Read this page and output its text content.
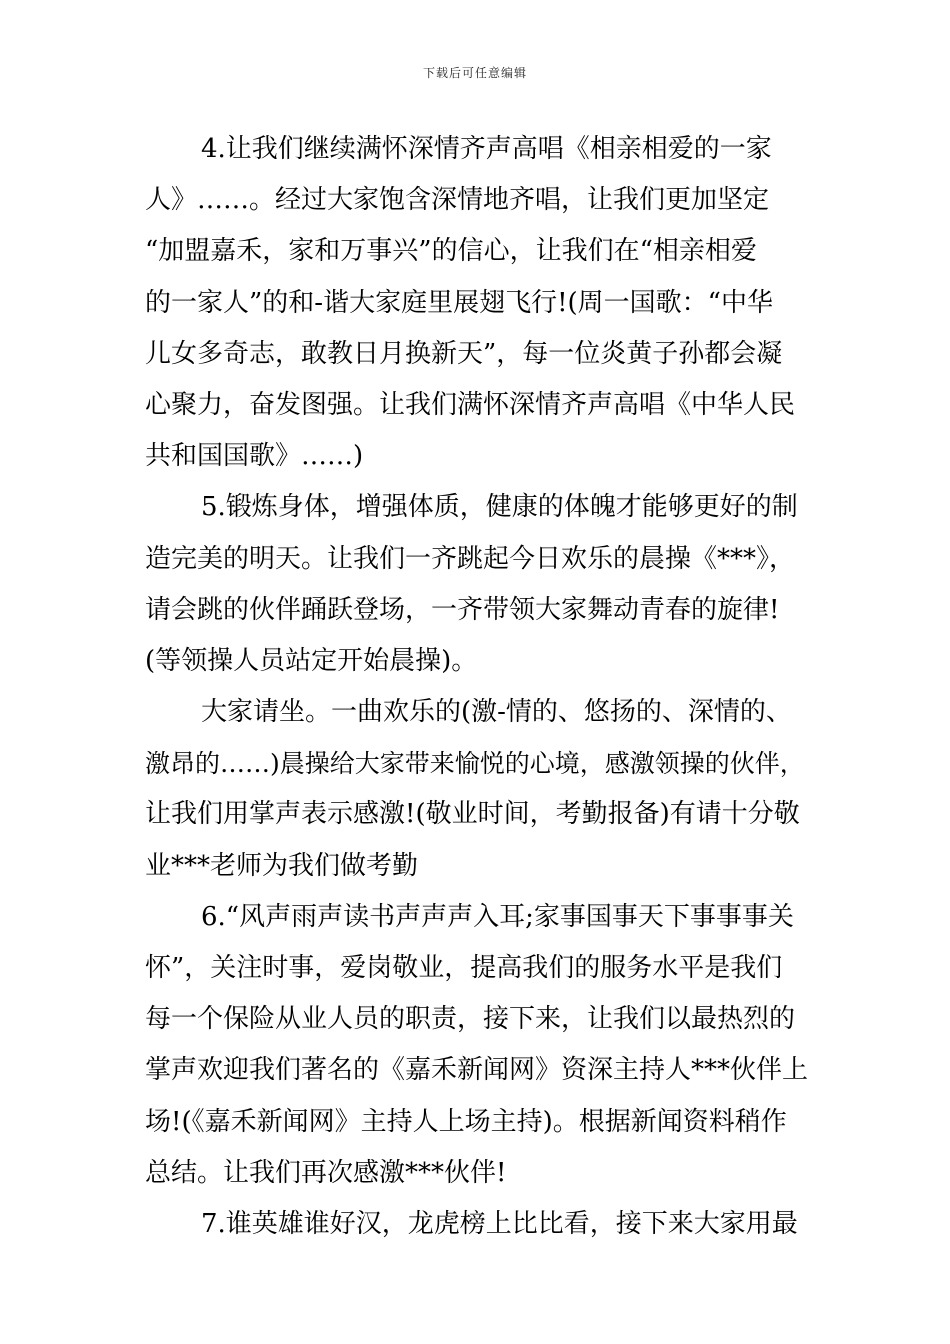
下载后可任意编辑
4.让我们继续满怀深情齐声高唱《相亲相爱的一家
人》……。经过大家饱含深情地齐唱，让我们更加坚定
“加盟嘉禾，家和万事兴”的信心，让我们在“相亲相爱
的一家人”的和-谐大家庭里展翅飞行!(周一国歌：“中华
儿女多奇志，敢教日月换新天”，每一位炎黄子孙都会凝
心聚力，奋发图强。让我们满怀深情齐声高唱《中华人民
共和国国歌》……)
5.锻炼身体，增强体质，健康的体魄才能够更好的制
造完美的明天。让我们一齐跳起今日欢乐的晨操《***》，
请会跳的伙伴踊跃登场，一齐带领大家舞动青春的旋律!
(等领操人员站定开始晨操)。
大家请坐。一曲欢乐的(激-情的、悠扬的、深情的、
激昂的……)晨操给大家带来愉悦的心境，感激领操的伙伴，
让我们用掌声表示感激!(敬业时间，考勤报备)有请十分敬
业***老师为我们做考勤
6.“风声雨声读书声声声入耳;家事国事天下事事事关
怀”，关注时事，爱岗敬业，提高我们的服务水平是我们
每一个保险从业人员的职责，接下来，让我们以最热烈的
掌声欢迎我们著名的《嘉禾新闻网》资深主持人***伙伴上
场!(《嘉禾新闻网》主持人上场主持)。根据新闻资料稍作
总结。让我们再次感激***伙伴!
7.谁英雄谁好汉，龙虎榜上比比看，接下来大家用最
